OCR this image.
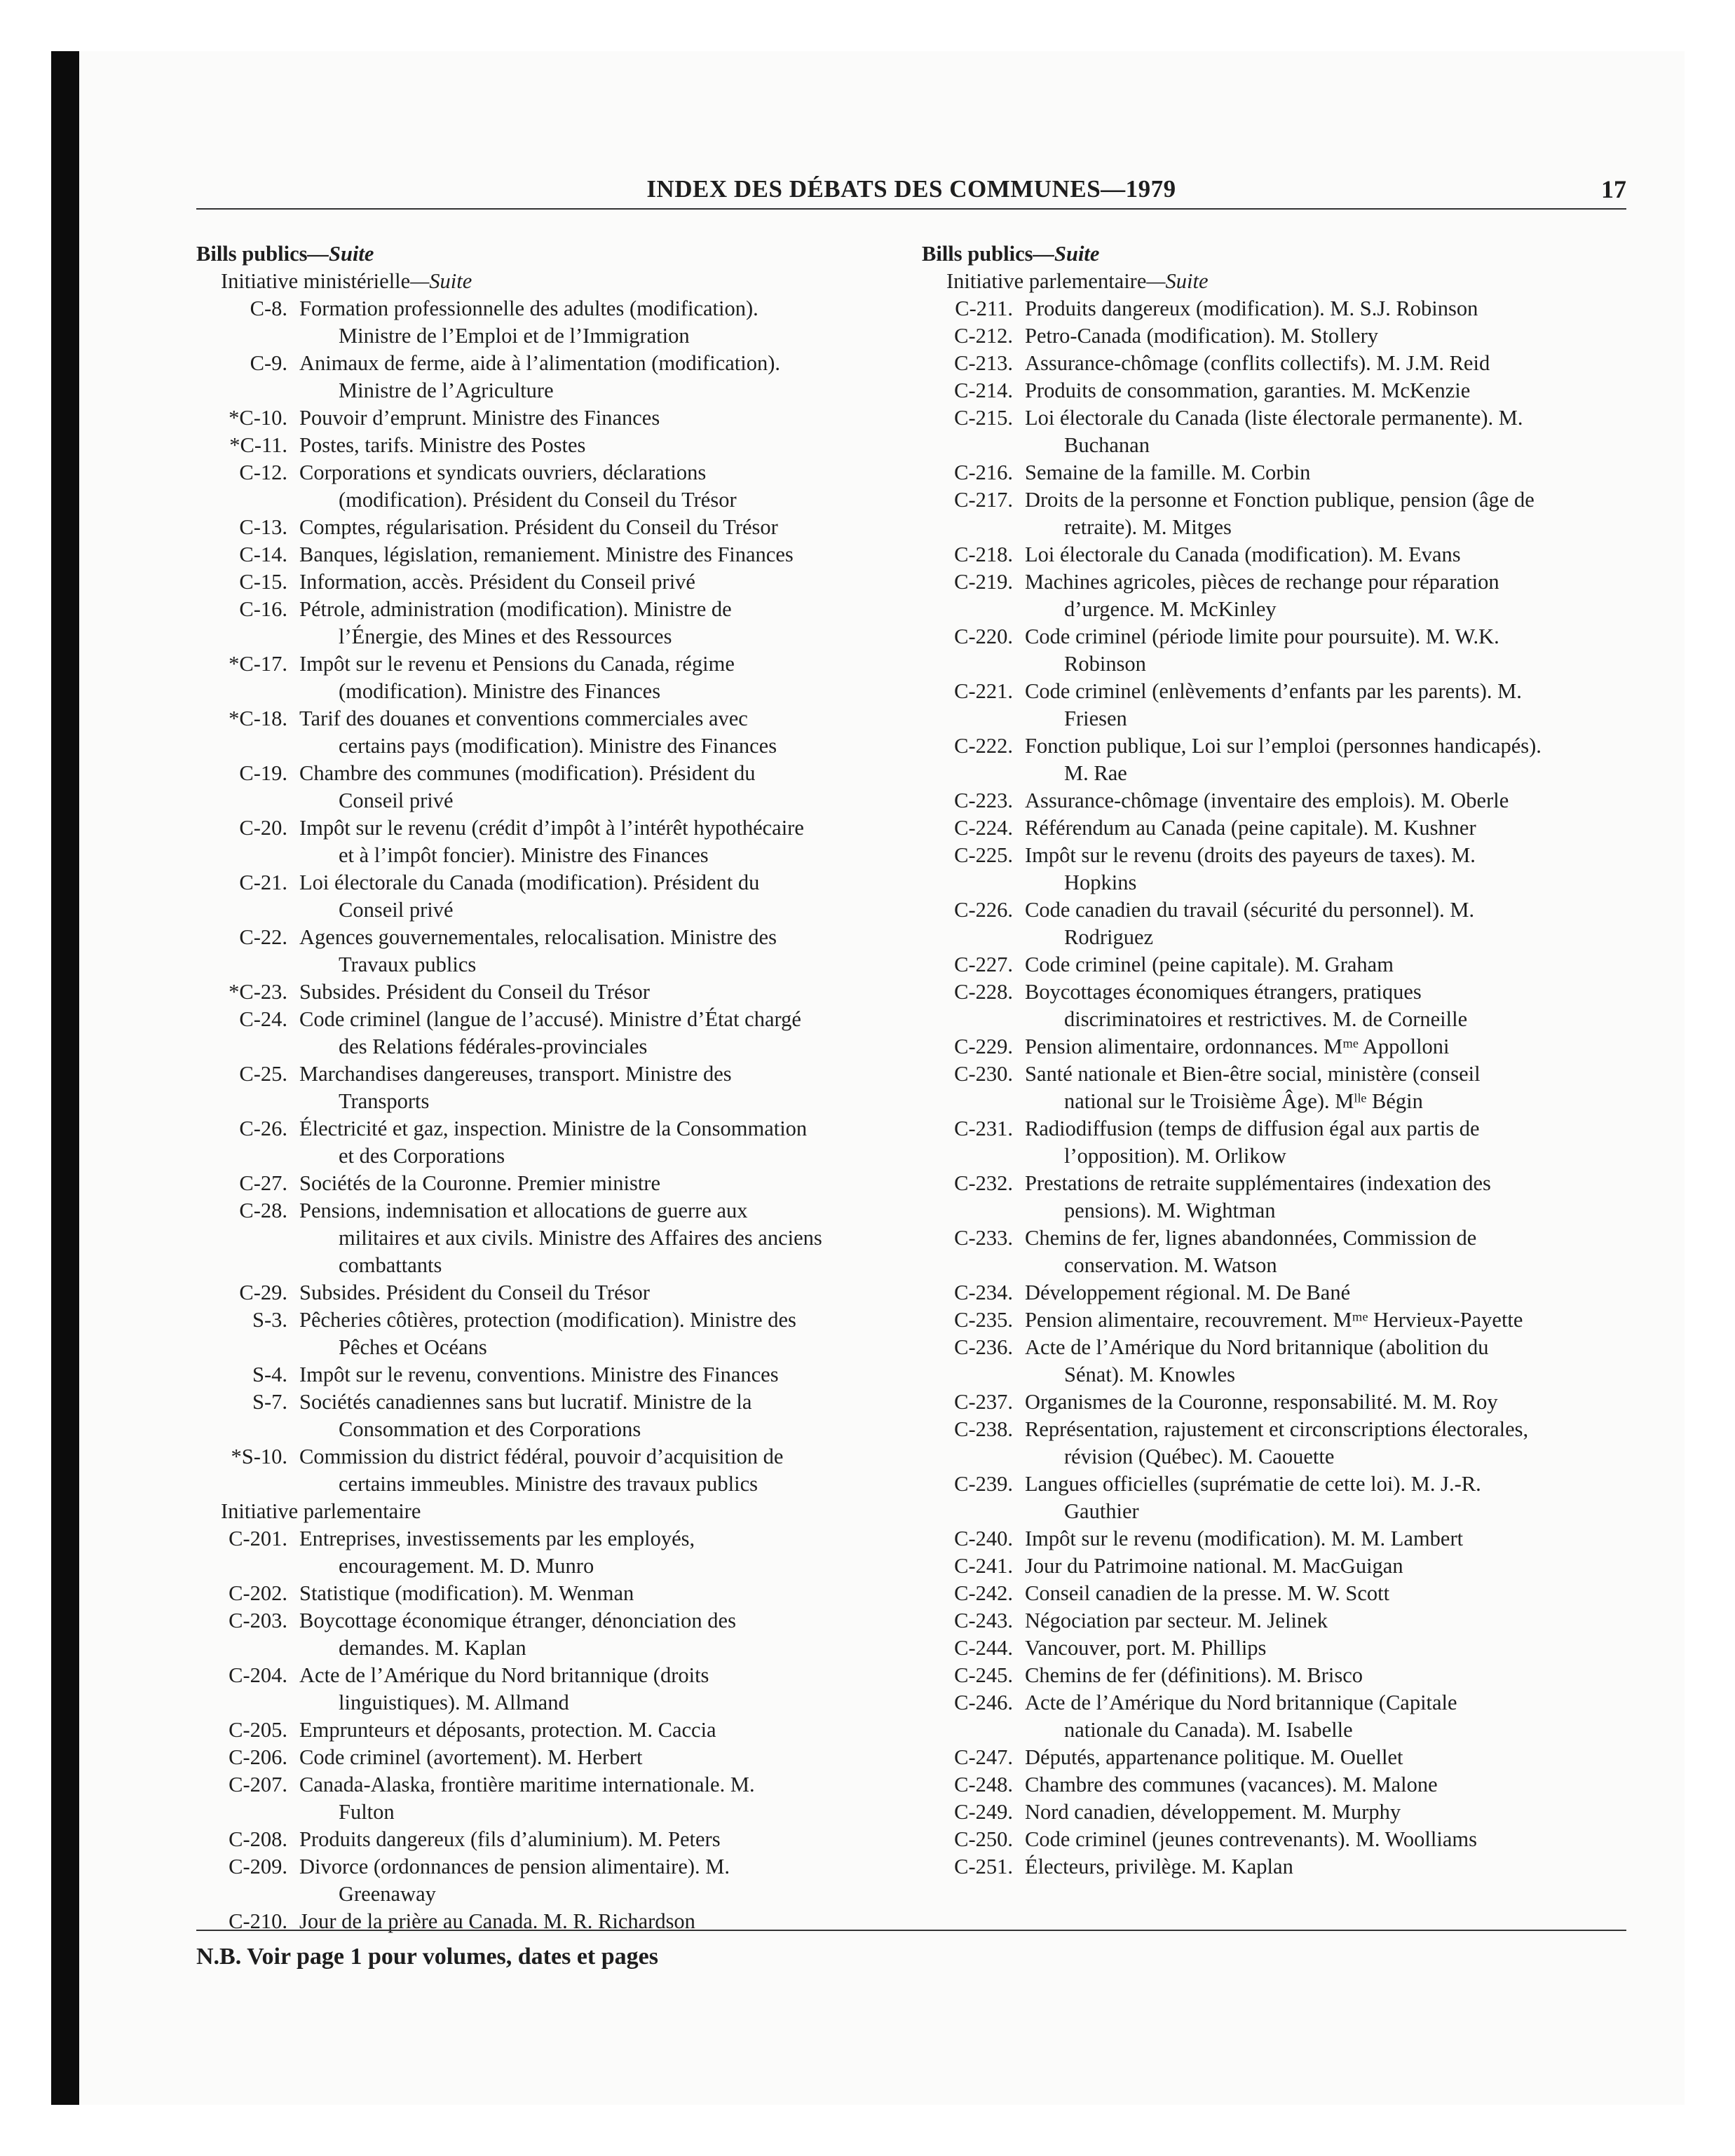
INDEX DES DÉBATS DES COMMUNES—1979	17
Bills publics—Suite
Initiative ministérielle—Suite
C-8. Formation professionnelle des adultes (modification).
Ministre de l’Emploi et de l’Immigration
C-9. Animaux de ferme, aide à l’alimentation (modification).
Ministre de l’Agriculture
*C-10. Pouvoir d’emprunt. Ministre des Finances
*C-11. Postes, tarifs. Ministre des Postes
C-12. Corporations et syndicats ouvriers, déclarations
(modification). Président du Conseil du Trésor
C-13. Comptes, régularisation. Président du Conseil du Trésor
C-14. Banques, législation, remaniement. Ministre des Finances
C-15. Information, accès. Président du Conseil privé
C-16. Pétrole, administration (modification). Ministre de
l’Énergie, des Mines et des Ressources
*C-17. Impôt sur le revenu et Pensions du Canada, régime
(modification). Ministre des Finances
*C-18. Tarif des douanes et conventions commerciales avec
certains pays (modification). Ministre des Finances
C-19. Chambre des communes (modification). Président du
Conseil privé
C-20. Impôt sur le revenu (crédit d’impôt à l’intérêt hypothécaire
et à l’impôt foncier). Ministre des Finances
C-21. Loi électorale du Canada (modification). Président du
Conseil privé
C-22. Agences gouvernementales, relocalisation. Ministre des
Travaux publics
*C-23. Subsides. Président du Conseil du Trésor
C-24. Code criminel (langue de l’accusé). Ministre d’État chargé
des Relations fédérales-provinciales
C-25. Marchandises dangereuses, transport. Ministre des
Transports
C-26. Électricité et gaz, inspection. Ministre de la Consommation
et des Corporations
C-27. Sociétés de la Couronne. Premier ministre
C-28. Pensions, indemnisation et allocations de guerre aux
militaires et aux civils. Ministre des Affaires des anciens
combattants
C-29. Subsides. Président du Conseil du Trésor
S-3. Pêcheries côtières, protection (modification). Ministre des
Pêches et Océans
S-4. Impôt sur le revenu, conventions. Ministre des Finances
S-7. Sociétés canadiennes sans but lucratif. Ministre de la
Consommation et des Corporations
*S-10. Commission du district fédéral, pouvoir d’acquisition de
certains immeubles. Ministre des travaux publics
Initiative parlementaire
C-201. Entreprises, investissements par les employés,
encouragement. M. D. Munro
C-202. Statistique (modification). M. Wenman
C-203. Boycottage économique étranger, dénonciation des
demandes. M. Kaplan
C-204. Acte de l’Amérique du Nord britannique (droits
linguistiques). M. Allmand
C-205. Emprunteurs et déposants, protection. M. Caccia
C-206. Code criminel (avortement). M. Herbert
C-207. Canada-Alaska, frontière maritime internationale. M.
Fulton
C-208. Produits dangereux (fils d’aluminium). M. Peters
C-209. Divorce (ordonnances de pension alimentaire). M.
Greenaway
C-210. Jour de la prière au Canada. M. R. Richardson
Bills publics—Suite
Initiative parlementaire—Suite
C-211. Produits dangereux (modification). M. S.J. Robinson
C-212. Petro-Canada (modification). M. Stollery
C-213. Assurance-chômage (conflits collectifs). M. J.M. Reid
C-214. Produits de consommation, garanties. M. McKenzie
C-215. Loi électorale du Canada (liste électorale permanente). M.
Buchanan
C-216. Semaine de la famille. M. Corbin
C-217. Droits de la personne et Fonction publique, pension (âge de
retraite). M. Mitges
C-218. Loi électorale du Canada (modification). M. Evans
C-219. Machines agricoles, pièces de rechange pour réparation
d’urgence. M. McKinley
C-220. Code criminel (période limite pour poursuite). M. W.K.
Robinson
C-221. Code criminel (enlèvements d’enfants par les parents). M.
Friesen
C-222. Fonction publique, Loi sur l’emploi (personnes handicapés).
M. Rae
C-223. Assurance-chômage (inventaire des emplois). M. Oberle
C-224. Référendum au Canada (peine capitale). M. Kushner
C-225. Impôt sur le revenu (droits des payeurs de taxes). M.
Hopkins
C-226. Code canadien du travail (sécurité du personnel). M.
Rodriguez
C-227. Code criminel (peine capitale). M. Graham
C-228. Boycottages économiques étrangers, pratiques
discriminatoires et restrictives. M. de Corneille
C-229. Pension alimentaire, ordonnances. Mᵐᵉ Appolloni
C-230. Santé nationale et Bien-être social, ministère (conseil
national sur le Troisième Âge). Mˡˡᵉ Bégin
C-231. Radiodiffusion (temps de diffusion égal aux partis de
l’opposition). M. Orlikow
C-232. Prestations de retraite supplémentaires (indexation des
pensions). M. Wightman
C-233. Chemins de fer, lignes abandonnées, Commission de
conservation. M. Watson
C-234. Développement régional. M. De Bané
C-235. Pension alimentaire, recouvrement. Mᵐᵉ Hervieux-Payette
C-236. Acte de l’Amérique du Nord britannique (abolition du
Sénat). M. Knowles
C-237. Organismes de la Couronne, responsabilité. M. M. Roy
C-238. Représentation, rajustement et circonscriptions électorales,
révision (Québec). M. Caouette
C-239. Langues officielles (suprématie de cette loi). M. J.-R.
Gauthier
C-240. Impôt sur le revenu (modification). M. M. Lambert
C-241. Jour du Patrimoine national. M. MacGuigan
C-242. Conseil canadien de la presse. M. W. Scott
C-243. Négociation par secteur. M. Jelinek
C-244. Vancouver, port. M. Phillips
C-245. Chemins de fer (définitions). M. Brisco
C-246. Acte de l’Amérique du Nord britannique (Capitale
nationale du Canada). M. Isabelle
C-247. Députés, appartenance politique. M. Ouellet
C-248. Chambre des communes (vacances). M. Malone
C-249. Nord canadien, développement. M. Murphy
C-250. Code criminel (jeunes contrevenants). M. Woolliams
C-251. Électeurs, privilège. M. Kaplan
N.B. Voir page 1 pour volumes, dates et pages
